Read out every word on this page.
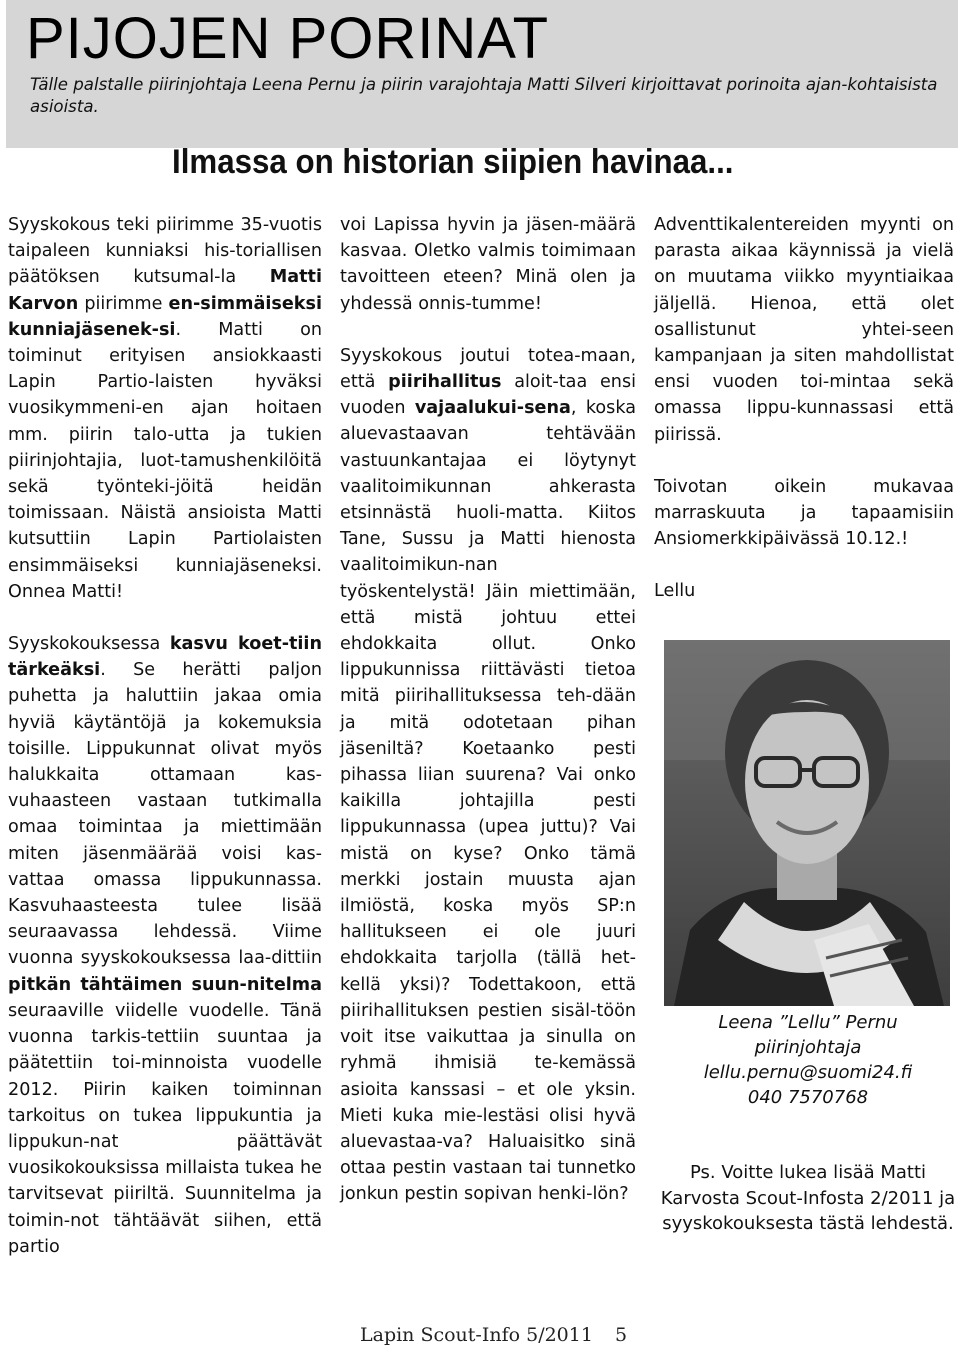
PIJOJEN PORINAT
Tälle palstalle piirinjohtaja Leena Pernu ja piirin varajohtaja Matti Silveri kirjoittavat porinoita ajan-kohtaisista asioista.
Ilmassa on historian siipien havinaa...

Syyskokous teki piirimme 35-vuotis taipaleen kunniaksi his-toriallisen päätöksen kutsumal-la Matti Karvon piirimme en-simmäiseksi kunniajäsenek-si. Matti on toiminut erityisen ansiokkaasti Lapin Partio-laisten hyväksi vuosikymmeni-en ajan hoitaen mm. piirin talo-utta ja tukien piirinjohtajia, luot-tamushenkilöitä sekä työnteki-jöitä heidän toimissaan. Näistä ansioista Matti kutsuttiin Lapin Partiolaisten ensimmäiseksi kunniajäseneksi. Onnea Matti!

Syyskokouksessa kasvu koet-tiin tärkeäksi. Se herätti paljon puhetta ja haluttiin jakaa omia hyviä käytäntöjä ja kokemuksia toisille. Lippukunnat olivat myös halukkaita ottamaan kas-vuhaasteen vastaan tutkimalla omaa toimintaa ja miettimään miten jäsenmäärää voisi kas-vattaa omassa lippukunnassa. Kasvuhaasteesta tulee lisää seuraavassa lehdessä. Viime vuonna syyskokouksessa laa-dittiin pitkän tähtäimen suun-nitelma seuraaville viidelle vuodelle. Tänä vuonna tarkis-tettiin suuntaa ja päätettiin toi-minnoista vuodelle 2012. Piirin kaiken toiminnan tarkoitus on tukea lippukuntia ja lippukun-nat päättävät vuosikokouksissa millaista tukea he tarvitsevat piiriltä. Suunnitelma ja toimin-not tähtäävät siihen, että partio

voi Lapissa hyvin ja jäsen-määrä kasvaa. Oletko valmis toimimaan tavoitteen eteen? Minä olen ja yhdessä onnis-tumme!

Syyskokous joutui totea-maan, että piirihallitus aloit-taa ensi vuoden vajaalukui-sena, koska aluevastaavan tehtävään vastuunkantajaa ei löytynyt vaalitoimikunnan ahkerasta etsinnästä huoli-matta. Kiitos Tane, Sussu ja Matti hienosta vaalitoimikun-nan työskentelystä! Jäin miettimään, että mistä johtuu ettei ehdokkaita ollut. Onko lippukunnissa riittävästi tietoa mitä piirihallituksessa teh-dään ja mitä odotetaan pihan jäseniltä? Koetaanko pesti pihassa liian suurena? Vai onko kaikilla johtajilla pesti lippukunnassa (upea juttu)? Vai mistä on kyse? Onko tämä merkki jostain muusta ajan ilmiöstä, koska myös SP:n hallitukseen ei ole juuri ehdokkaita tarjolla (tällä het-kellä yksi)? Todettakoon, että piirihallituksen pestien sisäl-töön voit itse vaikuttaa ja sinulla on ryhmä ihmisiä te-kemässä asioita kanssasi – et ole yksin. Mieti kuka mie-lestäsi olisi hyvä aluevastaa-va? Haluaisitko sinä ottaa pestin vastaan tai tunnetko jonkun pestin sopivan henki-lön?

Adventtikalentereiden myynti on parasta aikaa käynnissä ja vielä on muutama viikko myyntiaikaa jäljellä. Hienoa, että olet osallistunut yhtei-seen kampanjaan ja siten mahdollistat ensi vuoden toi-mintaa sekä omassa lippu-kunnassasi että piirissä.

Toivotan oikein mukavaa marraskuuta ja tapaamisiin Ansiomerkkipäivässä 10.12.!

Lellu

Leena ”Lellu” Pernu
piirinjohtaja
lellu.pernu@suomi24.fi
040 7570768
Ps. Voitte lukea lisää Matti Karvosta Scout-Infosta 2/2011 ja syyskokouksesta tästä lehdestä.
Lapin Scout-Info 5/2011 5
